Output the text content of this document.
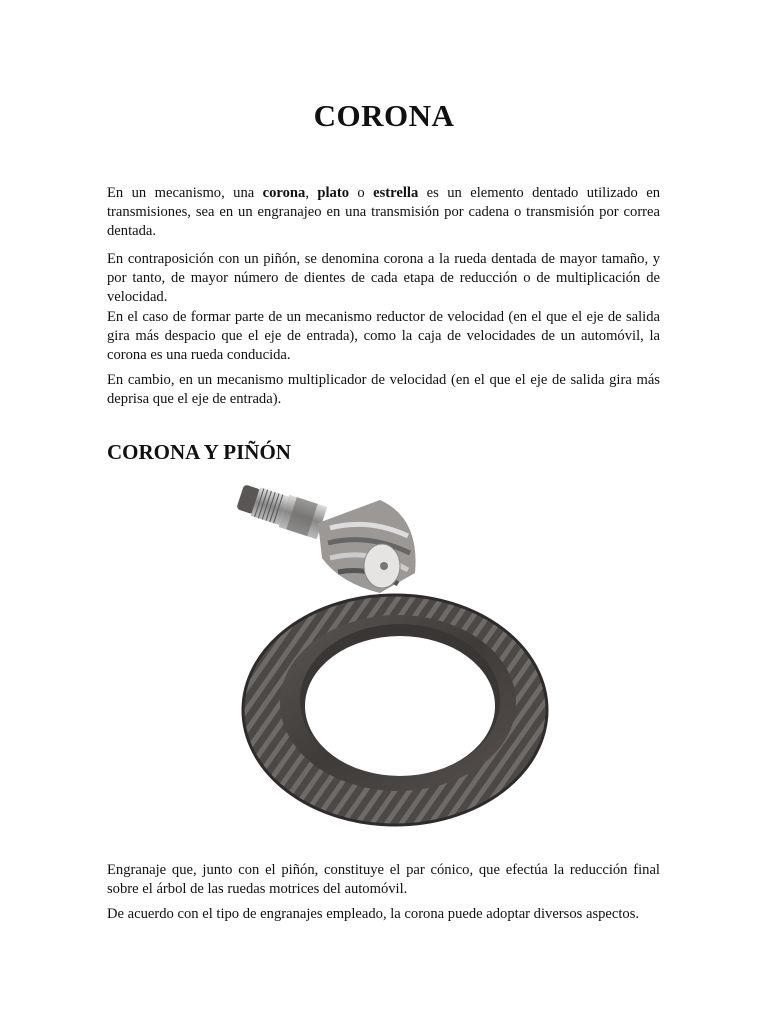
CORONA

En un mecanismo, una corona, plato o estrella es un elemento dentado utilizado en transmisiones, sea en un engranajeo en una transmisión por cadena o transmisión por correa dentada.

En contraposición con un piñón, se denomina corona a la rueda dentada de mayor tamaño, y por tanto, de mayor número de dientes de cada etapa de reducción o de multiplicación de velocidad.

En el caso de formar parte de un mecanismo reductor de velocidad (en el que el eje de salida gira más despacio que el eje de entrada), como la caja de velocidades de un automóvil, la corona es una rueda conducida.

En cambio, en un mecanismo multiplicador de velocidad (en el que el eje de salida gira más deprisa que el eje de entrada).

CORONA Y PIÑÓN

Engranaje que, junto con el piñón, constituye el par cónico, que efectúa la reducción final sobre el árbol de las ruedas motrices del automóvil.

De acuerdo con el tipo de engranajes empleado, la corona puede adoptar diversos aspectos.
